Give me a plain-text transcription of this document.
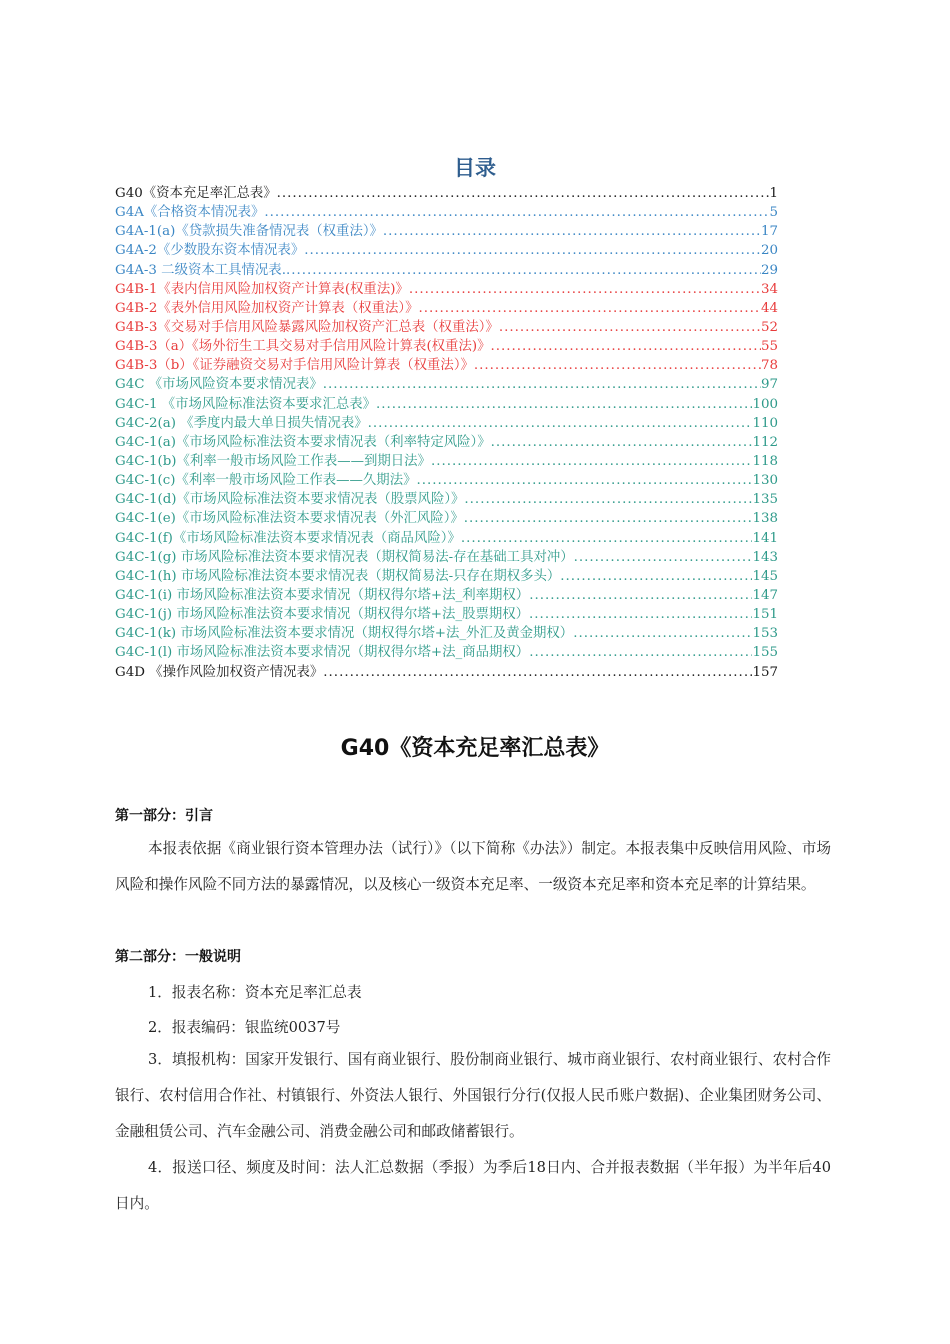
目录
G40《资本充足率汇总表》 .....	1
G4A《合格资本情况表》 .....	5
G4A-1(a)《贷款损失准备情况表（权重法）》 .....	17
G4A-2《少数股东资本情况表》 .....	20
G4A-3 二级资本工具情况表. .....	29
G4B-1《表内信用风险加权资产计算表(权重法)》 .....	34
G4B-2《表外信用风险加权资产计算表（权重法）》 .....	44
G4B-3《交易对手信用风险暴露风险加权资产汇总表（权重法）》 .....	52
G4B-3（a）《场外衍生工具交易对手信用风险计算表(权重法)》 .....	55
G4B-3（b）《证券融资交易对手信用风险计算表（权重法）》 .....	78
G4C 《市场风险资本要求情况表》 .....	97
G4C-1 《市场风险标准法资本要求汇总表》 .....	100
G4C-2(a) 《季度内最大单日损失情况表》 .....	110
G4C-1(a)《市场风险标准法资本要求情况表（利率特定风险）》 .....	112
G4C-1(b)《利率一般市场风险工作表——到期日法》 .....	118
G4C-1(c)《利率一般市场风险工作表——久期法》 .....	130
G4C-1(d)《市场风险标准法资本要求情况表（股票风险）》 .....	135
G4C-1(e)《市场风险标准法资本要求情况表（外汇风险）》 .....	138
G4C-1(f)《市场风险标准法资本要求情况表（商品风险）》 .....	141
G4C-1(g) 市场风险标准法资本要求情况表（期权简易法-存在基础工具对冲） .....	143
G4C-1(h) 市场风险标准法资本要求情况表（期权简易法-只存在期权多头） .....	145
G4C-1(i) 市场风险标准法资本要求情况（期权得尔塔+法_利率期权） .....	147
G4C-1(j) 市场风险标准法资本要求情况（期权得尔塔+法_股票期权） .....	151
G4C-1(k) 市场风险标准法资本要求情况（期权得尔塔+法_外汇及黄金期权） .....	153
G4C-1(l) 市场风险标准法资本要求情况（期权得尔塔+法_商品期权） .....	155
G4D 《操作风险加权资产情况表》 .....	157
G40《资本充足率汇总表》
第一部分：引言
本报表依据《商业银行资本管理办法（试行）》（以下简称《办法》）制定。本报表集中反映信用风险、市场风险和操作风险不同方法的暴露情况，以及核心一级资本充足率、一级资本充足率和资本充足率的计算结果。
第二部分：一般说明
1．报表名称：资本充足率汇总表
2．报表编码：银监统0037号
3．填报机构：国家开发银行、国有商业银行、股份制商业银行、城市商业银行、农村商业银行、农村合作银行、农村信用合作社、村镇银行、外资法人银行、外国银行分行(仅报人民币账户数据)、企业集团财务公司、金融租赁公司、汽车金融公司、消费金融公司和邮政储蓄银行。
4．报送口径、频度及时间：法人汇总数据（季报）为季后18日内、合并报表数据（半年报）为半年后40日内。
